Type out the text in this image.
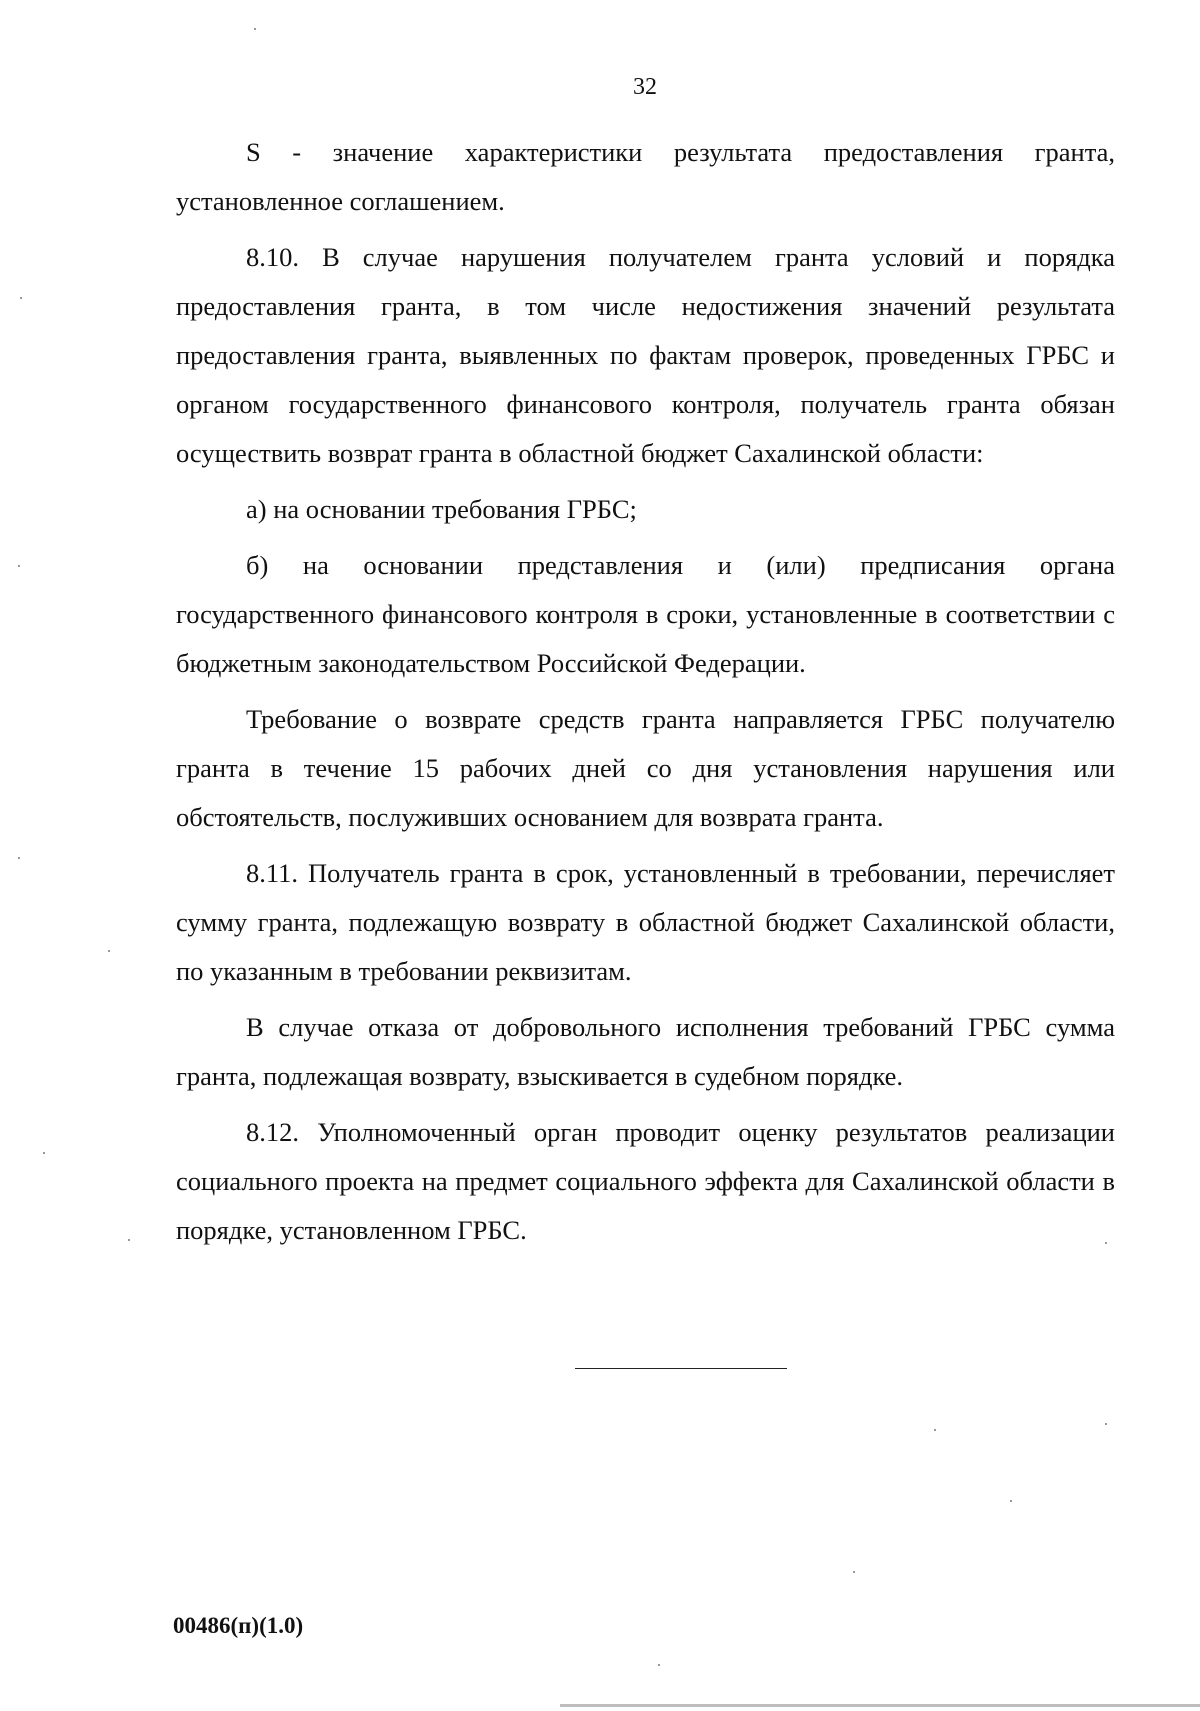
32

S - значение характеристики результата предоставления гранта, установленное соглашением.

8.10. В случае нарушения получателем гранта условий и порядка предоставления гранта, в том числе недостижения значений результата предоставления гранта, выявленных по фактам проверок, проведенных ГРБС и органом государственного финансового контроля, получатель гранта обязан осуществить возврат гранта в областной бюджет Сахалинской области:

а) на основании требования ГРБС;

б) на основании представления и (или) предписания органа государственного финансового контроля в сроки, установленные в соответствии с бюджетным законодательством Российской Федерации.

Требование о возврате средств гранта направляется ГРБС получателю гранта в течение 15 рабочих дней со дня установления нарушения или обстоятельств, послуживших основанием для возврата гранта.

8.11. Получатель гранта в срок, установленный в требовании, перечисляет сумму гранта, подлежащую возврату в областной бюджет Сахалинской области, по указанным в требовании реквизитам.

В случае отказа от добровольного исполнения требований ГРБС сумма гранта, подлежащая возврату, взыскивается в судебном порядке.

8.12. Уполномоченный орган проводит оценку результатов реализации социального проекта на предмет социального эффекта для Сахалинской области в порядке, установленном ГРБС.

00486(п)(1.0)
